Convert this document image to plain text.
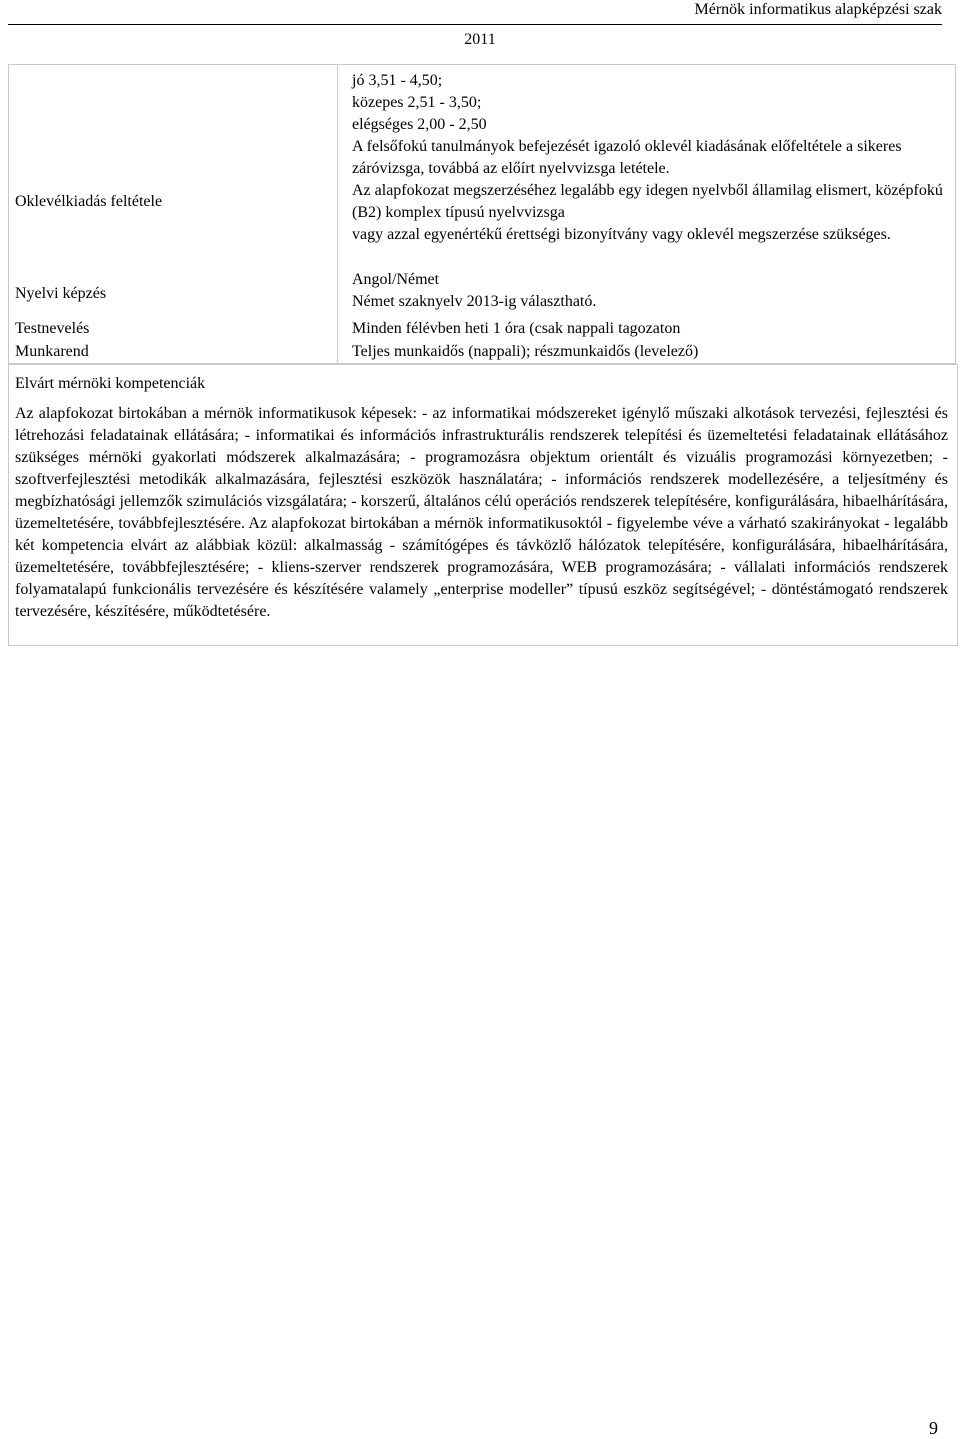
Mérnök informatikus alapképzési szak
2011
Oklevélkiadás feltétele

jó 3,51 - 4,50;

közepes 2,51 - 3,50;

elégséges 2,00 - 2,50

A felsőfokú tanulmányok befejezését igazoló oklevél kiadásának előfeltétele a sikeres záróvizsga, továbbá az előírt nyelvvizsga letétele.

Az alapfokozat megszerzéséhez legalább egy idegen nyelvből államilag elismert, középfokú (B2) komplex típusú nyelvvizsga

vagy azzal egyenértékű érettségi bizonyítvány vagy oklevél megszerzése szükséges.

Nyelvi képzés

Angol/Német

Német szaknyelv 2013-ig választható.

Testnevelés	Minden félévben heti 1 óra (csak nappali tagozaton
Munkarend	Teljes munkaidős (nappali); részmunkaidős (levelező)
Elvárt mérnöki kompetenciák

Az alapfokozat birtokában a mérnök informatikusok képesek: - az informatikai módszereket igénylő műszaki alkotások tervezési, fejlesztési és létrehozási feladatainak ellátására; - informatikai és információs infrastrukturális rendszerek telepítési és üzemeltetési feladatainak ellátásához szükséges mérnöki gyakorlati módszerek alkalmazására; - programozásra objektum orientált és vizuális programozási környezetben; - szoftverfejlesztési metodikák alkalmazására, fejlesztési eszközök használatára; - információs rendszerek modellezésére, a teljesítmény és megbízhatósági jellemzők szimulációs vizsgálatára; - korszerű, általános célú operációs rendszerek telepítésére, konfigurálására, hibaelhárítására, üzemeltetésére, továbbfejlesztésére. Az alapfokozat birtokában a mérnök informatikusoktól - figyelembe véve a várható szakirányokat - legalább két kompetencia elvárt az alábbiak közül: alkalmasság - számítógépes és távközlő hálózatok telepítésére, konfigurálására, hibaelhárítására, üzemeltetésére, továbbfejlesztésére; - kliens-szerver rendszerek programozására, WEB programozására; - vállalati információs rendszerek folyamatalapú funkcionális tervezésére és készítésére valamely „enterprise modeller” típusú eszköz segítségével; - döntéstámogató rendszerek tervezésére, készítésére, működtetésére.

9
